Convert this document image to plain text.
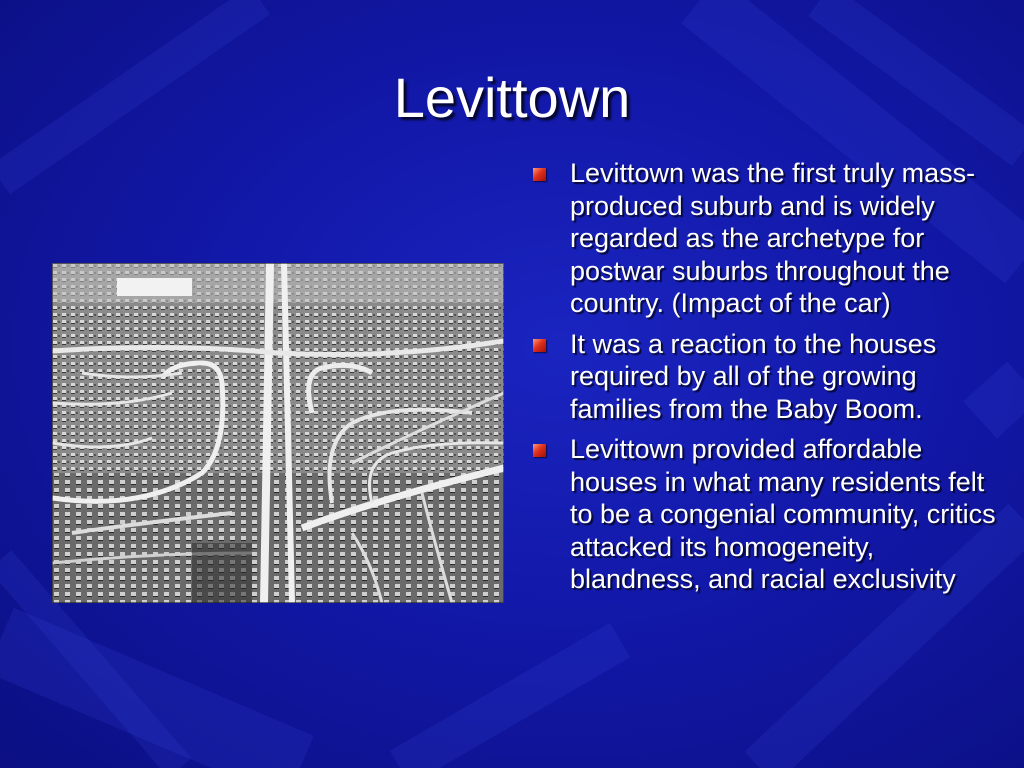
Levittown
Levittown was the first truly mass-produced suburb and is widely regarded as the archetype for postwar suburbs throughout the country. (Impact of the car)
It was a reaction to the houses required by all of the growing families from the Baby Boom.
Levittown provided affordable houses in what many residents felt to be a congenial community, critics attacked its homogeneity, blandness, and racial exclusivity
